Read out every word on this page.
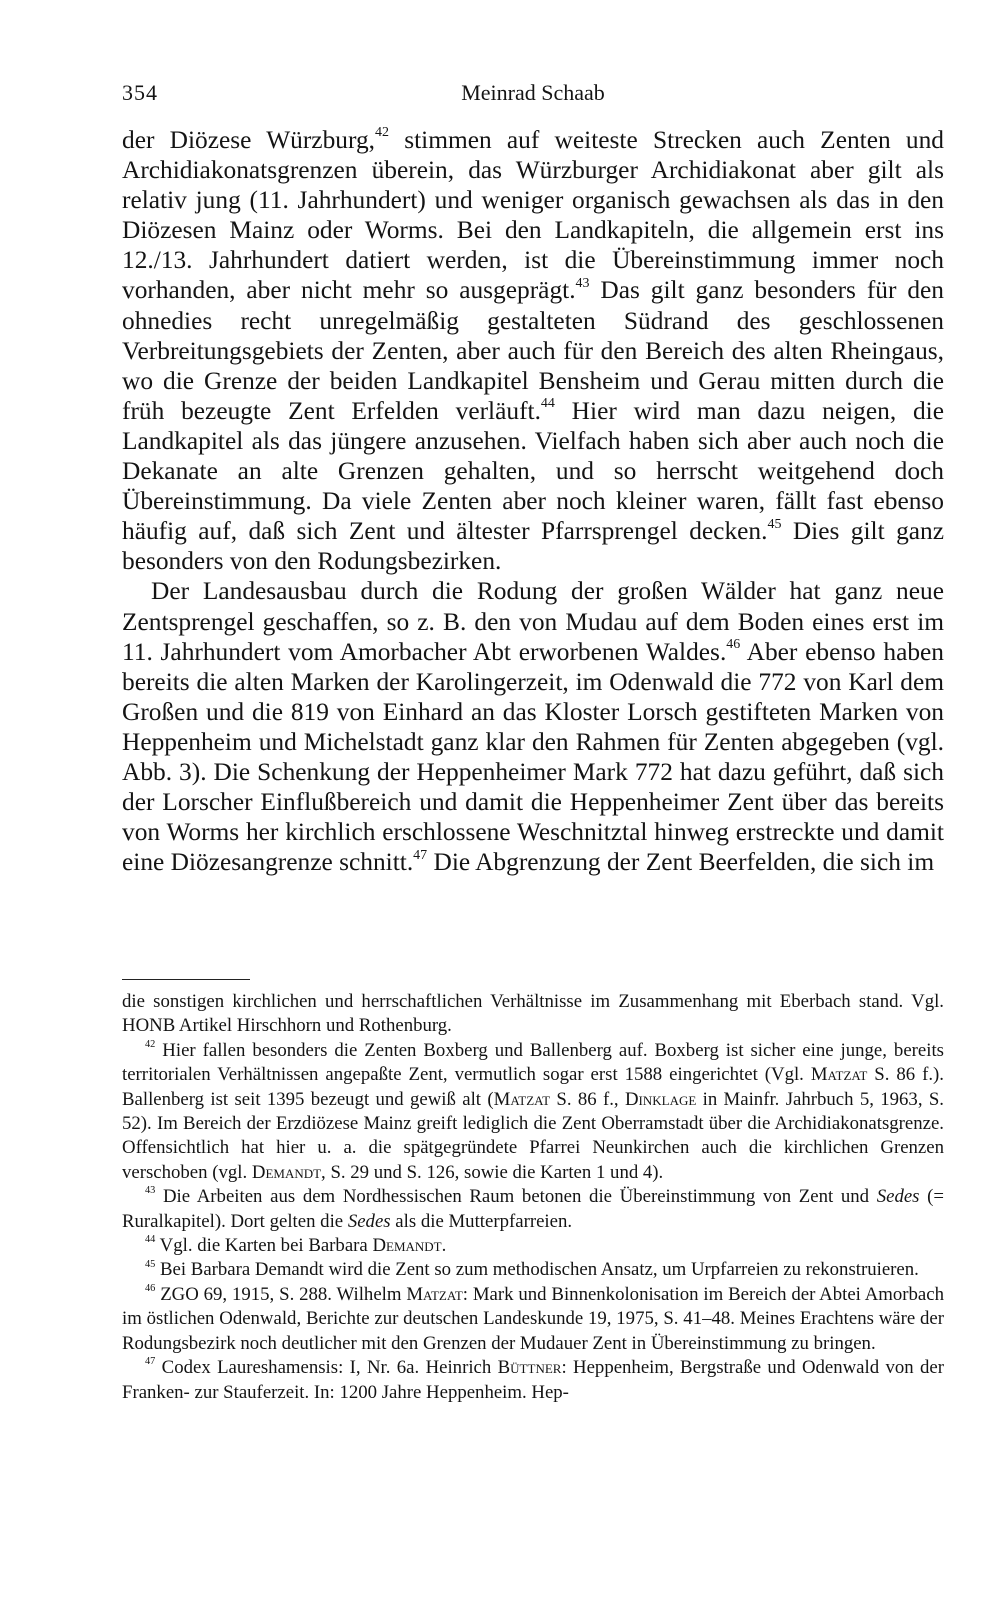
354	Meinrad Schaab

der Diözese Würzburg,$^{42}$ stimmen auf weiteste Strecken auch Zenten und Archidiakonatsgrenzen überein, das Würzburger Archidiakonat aber gilt als relativ jung (11. Jahrhundert) und weniger organisch gewachsen als das in den Diözesen Mainz oder Worms. Bei den Landkapiteln, die allgemein erst ins 12./13. Jahrhundert datiert werden, ist die Übereinstimmung immer noch vorhanden, aber nicht mehr so ausgeprägt.$^{43}$ Das gilt ganz besonders für den ohnedies recht unregelmäßig gestalteten Südrand des geschlossenen Verbreitungsgebiets der Zenten, aber auch für den Bereich des alten Rheingaus, wo die Grenze der beiden Landkapitel Bensheim und Gerau mitten durch die früh bezeugte Zent Erfelden verläuft.$^{44}$ Hier wird man dazu neigen, die Landkapitel als das jüngere anzusehen. Vielfach haben sich aber auch noch die Dekanate an alte Grenzen gehalten, und so herrscht weitgehend doch Übereinstimmung. Da viele Zenten aber noch kleiner waren, fällt fast ebenso häufig auf, daß sich Zent und ältester Pfarrsprengel decken.$^{45}$ Dies gilt ganz besonders von den Rodungsbezirken.

Der Landesausbau durch die Rodung der großen Wälder hat ganz neue Zentsprengel geschaffen, so z. B. den von Mudau auf dem Boden eines erst im 11. Jahrhundert vom Amorbacher Abt erworbenen Waldes.$^{46}$ Aber ebenso haben bereits die alten Marken der Karolingerzeit, im Odenwald die 772 von Karl dem Großen und die 819 von Einhard an das Kloster Lorsch gestifteten Marken von Heppenheim und Michelstadt ganz klar den Rahmen für Zenten abgegeben (vgl. Abb. 3). Die Schenkung der Heppenheimer Mark 772 hat dazu geführt, daß sich der Lorscher Einflußbereich und damit die Heppenheimer Zent über das bereits von Worms her kirchlich erschlossene Weschnitztal hinweg erstreckte und damit eine Diözesangrenze schnitt.$^{47}$ Die Abgrenzung der Zent Beerfelden, die sich im

die sonstigen kirchlichen und herrschaftlichen Verhältnisse im Zusammenhang mit Eberbach stand. Vgl. HONB Artikel Hirschhorn und Rothenburg.

$^{42}$ Hier fallen besonders die Zenten Boxberg und Ballenberg auf. Boxberg ist sicher eine junge, bereits territorialen Verhältnissen angepaßte Zent, vermutlich sogar erst 1588 eingerichtet (Vgl. Matzat S. 86 f.). Ballenberg ist seit 1395 bezeugt und gewiß alt (Matzat S. 86 f., Dinklage in Mainfr. Jahrbuch 5, 1963, S. 52). Im Bereich der Erzdiözese Mainz greift lediglich die Zent Oberramstadt über die Archidiakonatsgrenze. Offensichtlich hat hier u. a. die spätgegründete Pfarrei Neunkirchen auch die kirchlichen Grenzen verschoben (vgl. Demandt, S. 29 und S. 126, sowie die Karten 1 und 4).

$^{43}$ Die Arbeiten aus dem Nordhessischen Raum betonen die Übereinstimmung von Zent und Sedes (= Ruralkapitel). Dort gelten die Sedes als die Mutterpfarreien.

$^{44}$ Vgl. die Karten bei Barbara Demandt.

$^{45}$ Bei Barbara Demandt wird die Zent so zum methodischen Ansatz, um Urpfarreien zu rekonstruieren.

$^{46}$ ZGO 69, 1915, S. 288. Wilhelm Matzat: Mark und Binnenkolonisation im Bereich der Abtei Amorbach im östlichen Odenwald, Berichte zur deutschen Landeskunde 19, 1975, S. 41–48. Meines Erachtens wäre der Rodungsbezirk noch deutlicher mit den Grenzen der Mudauer Zent in Übereinstimmung zu bringen.

$^{47}$ Codex Laureshamensis: I, Nr. 6a. Heinrich Büttner: Heppenheim, Bergstraße und Odenwald von der Franken- zur Stauferzeit. In: 1200 Jahre Heppenheim. Hep-
